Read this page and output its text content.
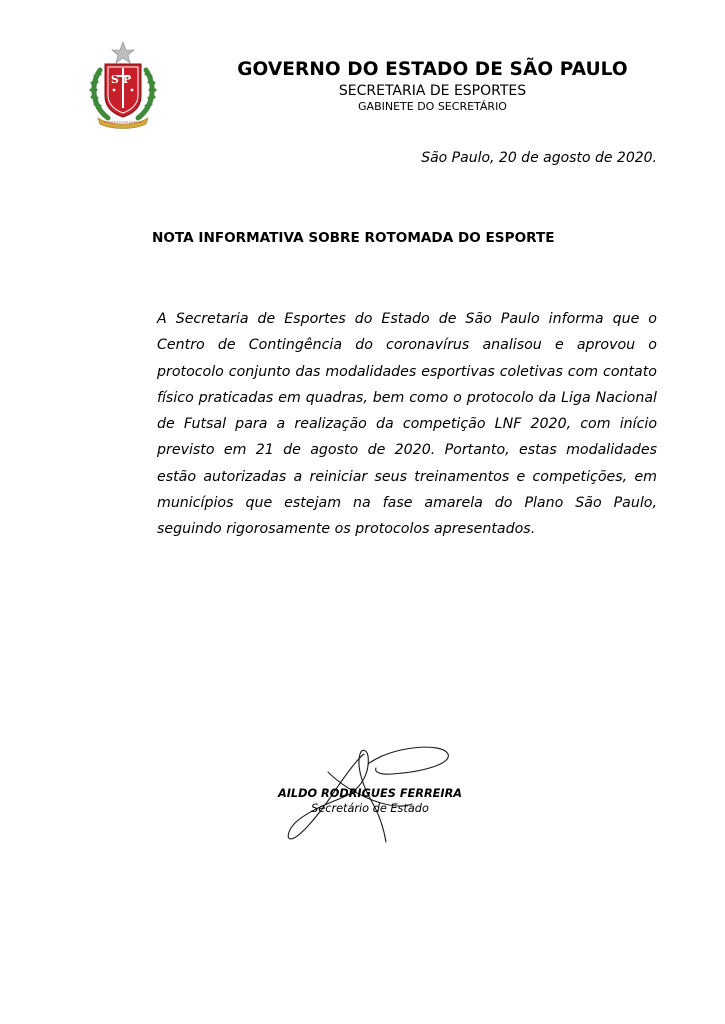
SP	GOVERNO DO ESTADO DE SÃO PAULO
SECRETARIA DE ESPORTES
GABINETE DO SECRETÁRIO
São Paulo, 20 de agosto de 2020.
NOTA INFORMATIVA SOBRE ROTOMADA DO ESPORTE
A Secretaria de Esportes do Estado de São Paulo informa que o Centro de Contingência do coronavírus analisou e aprovou o protocolo conjunto das modalidades esportivas coletivas com contato físico praticadas em quadras, bem como o protocolo da Liga Nacional de Futsal para a realização da competição LNF 2020, com início previsto em 21 de agosto de 2020. Portanto, estas modalidades estão autorizadas a reiniciar seus treinamentos e competições, em municípios que estejam na fase amarela do Plano São Paulo, seguindo rigorosamente os protocolos apresentados.
AILDO RODRIGUES FERREIRA
Secretário de Estado
